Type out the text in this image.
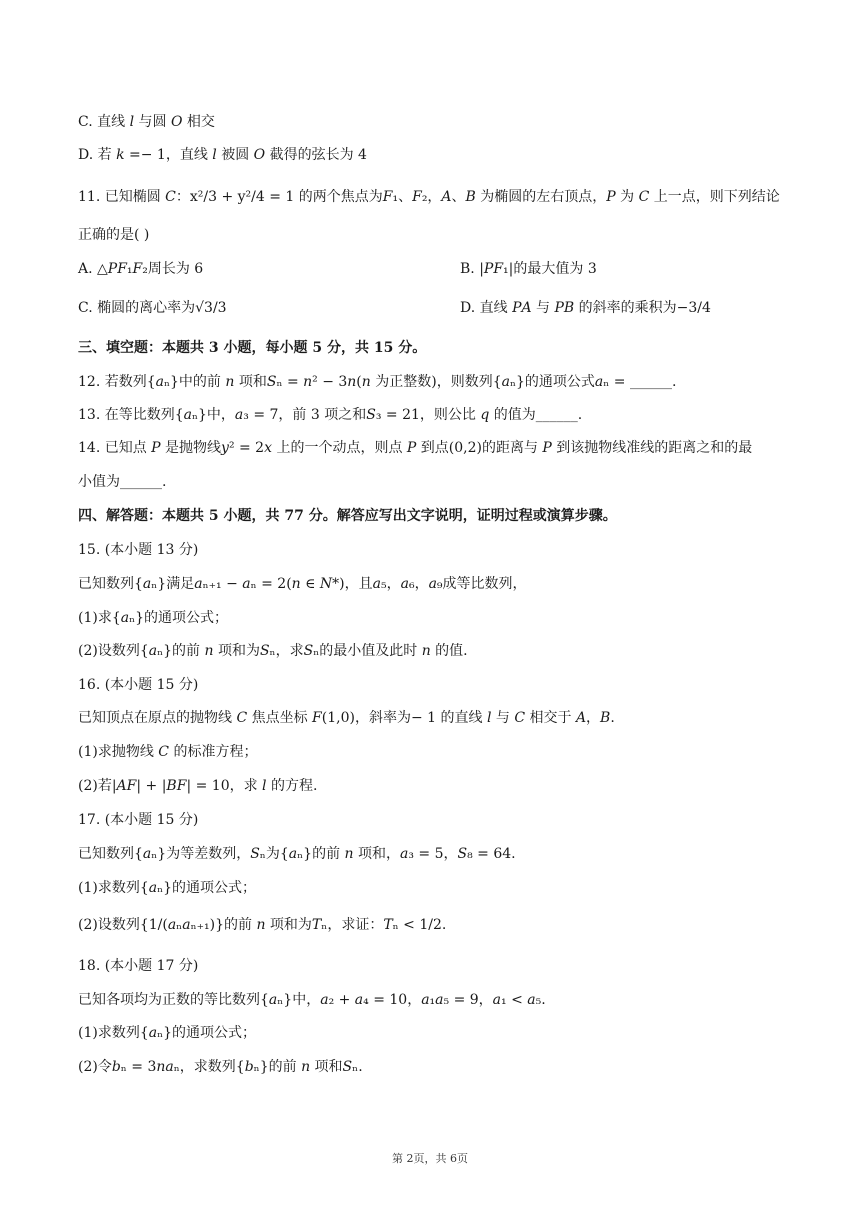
C. 直线 𝑙 与圆 𝑂 相交
D. 若 𝑘 =− 1，直线 𝑙 被圆 𝑂 截得的弦长为 4
11. 已知椭圆 𝐶：x²/3 + y²/4 = 1 的两个焦点为𝐹₁、𝐹₂，𝐴、𝐵 为椭圆的左右顶点，𝑃 为 𝐶 上一点，则下列结论
正确的是( )
A. △𝑃𝐹₁𝐹₂周长为 6	B. |𝑃𝐹₁|的最大值为 3
C. 椭圆的离心率为√3/3	D. 直线 𝑃𝐴 与 𝑃𝐵 的斜率的乘积为−3/4
三、填空题：本题共 3 小题，每小题 5 分，共 15 分。
12. 若数列{𝑎ₙ}中的前 𝑛 项和𝑆ₙ = 𝑛² − 3𝑛(𝑛 为正整数)，则数列{𝑎ₙ}的通项公式𝑎ₙ = ______.
13. 在等比数列{𝑎ₙ}中，𝑎₃ = 7，前 3 项之和𝑆₃ = 21，则公比 𝑞 的值为______.
14. 已知点 𝑃 是抛物线𝑦² = 2𝑥 上的一个动点，则点 𝑃 到点(0,2)的距离与 𝑃 到该抛物线准线的距离之和的最
小值为______.
四、解答题：本题共 5 小题，共 77 分。解答应写出文字说明，证明过程或演算步骤。
15. (本小题 13 分)
已知数列{𝑎ₙ}满足𝑎ₙ₊₁ − 𝑎ₙ = 2(𝑛 ∈ 𝑁*)，且𝑎₅，𝑎₆，𝑎₉成等比数列，
(1)求{𝑎ₙ}的通项公式；
(2)设数列{𝑎ₙ}的前 𝑛 项和为𝑆ₙ，求𝑆ₙ的最小值及此时 𝑛 的值.
16. (本小题 15 分)
已知顶点在原点的抛物线 𝐶 焦点坐标 𝐹(1,0)，斜率为− 1 的直线 𝑙 与 𝐶 相交于 𝐴，𝐵.
(1)求抛物线 𝐶 的标准方程；
(2)若|𝐴𝐹| + |𝐵𝐹| = 10，求 𝑙 的方程.
17. (本小题 15 分)
已知数列{𝑎ₙ}为等差数列，𝑆ₙ为{𝑎ₙ}的前 𝑛 项和，𝑎₃ = 5，𝑆₈ = 64.
(1)求数列{𝑎ₙ}的通项公式；
(2)设数列{1/(𝑎ₙ𝑎ₙ₊₁)}的前 𝑛 项和为𝑇ₙ，求证：𝑇ₙ < 1/2.
18. (本小题 17 分)
已知各项均为正数的等比数列{𝑎ₙ}中，𝑎₂ + 𝑎₄ = 10，𝑎₁𝑎₅ = 9，𝑎₁ < 𝑎₅.
(1)求数列{𝑎ₙ}的通项公式；
(2)令𝑏ₙ = 3𝑛𝑎ₙ，求数列{𝑏ₙ}的前 𝑛 项和𝑆ₙ.
第 2页，共 6页
